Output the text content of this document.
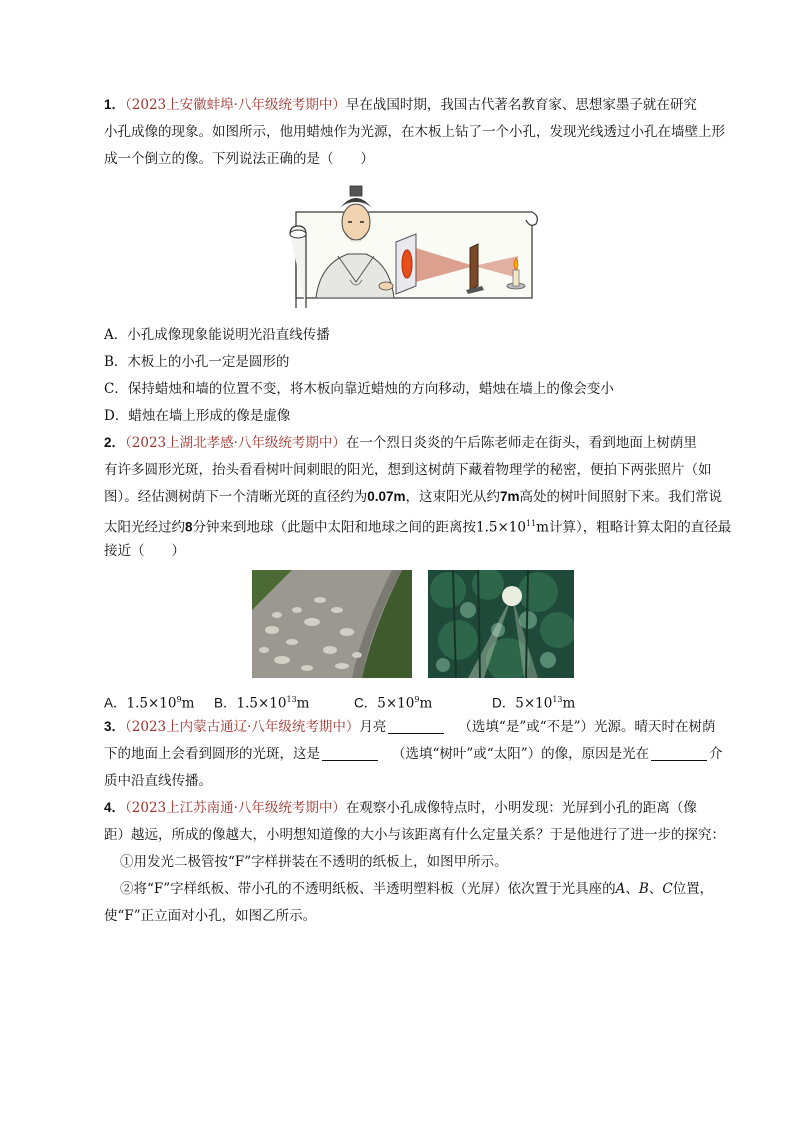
1．（2023上安徽蚌埠·八年级统考期中）早在战国时期，我国古代著名教育家、思想家墨子就在研究
小孔成像的现象。如图所示，他用蜡烛作为光源，在木板上钻了一个小孔，发现光线透过小孔在墙壁上形
成一个倒立的像。下列说法正确的是（　　）
A．小孔成像现象能说明光沿直线传播
B．木板上的小孔一定是圆形的
C．保持蜡烛和墙的位置不变，将木板向靠近蜡烛的方向移动，蜡烛在墙上的像会变小
D．蜡烛在墙上形成的像是虚像
2．（2023上湖北孝感·八年级统考期中）在一个烈日炎炎的午后陈老师走在街头，看到地面上树荫里
有许多圆形光斑，抬头看看树叶间刺眼的阳光，想到这树荫下藏着物理学的秘密，便拍下两张照片（如
图）。经估测树荫下一个清晰光斑的直径约为0.07m，这束阳光从约7m高处的树叶间照射下来。我们常说
太阳光经过约8分钟来到地球（此题中太阳和地球之间的距离按$1.5\times 10^{11}m$计算），粗略计算太阳的直径最
接近（　　）
A．$1.5\times 10^9m$ B．$1.5\times 10^{13}m$	C．$5\times 10^9m$	D．$5\times 10^{13}m$
3．（2023上内蒙古通辽·八年级统考期中）月亮	（选填“是”或“不是”）光源。晴天时在树荫
下的地面上会看到圆形的光斑，这是	（选填“树叶”或“太阳”）的像，原因是光在	介
质中沿直线传播。
4．（2023上江苏南通·八年级统考期中）在观察小孔成像特点时，小明发现：光屏到小孔的距离（像
距）越远，所成的像越大，小明想知道像的大小与该距离有什么定量关系？于是他进行了进一步的探究：
①用发光二极管按“F”字样拼装在不透明的纸板上，如图甲所示。
②将“F”字样纸板、带小孔的不透明纸板、半透明塑料板（光屏）依次置于光具座的A、B、C位置，
使“F”正立面对小孔，如图乙所示。
